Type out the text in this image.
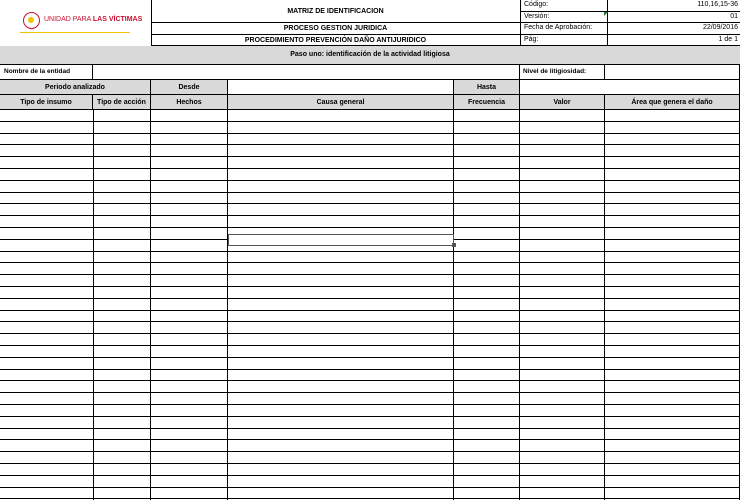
UNIDAD PARA LAS VÍCTIMAS
MATRIZ DE IDENTIFICACION
PROCESO GESTION JURIDICA
PROCEDIMIENTO PREVENCIÓN DAÑO ANTIJURIDICO
Código:	110,16,15-36
Versión:	01
Fecha de Aprobación:	22/09/2016
Pág:	1 de 1
Paso uno: identificación de la actividad litigiosa
Nombre de la entidad	Nivel de litigiosidad:
Periodo analizado	Desde	Hasta
Tipo de insumo	Tipo de acción	Hechos	Causa general	Frecuencia	Valor	Área que genera el daño
